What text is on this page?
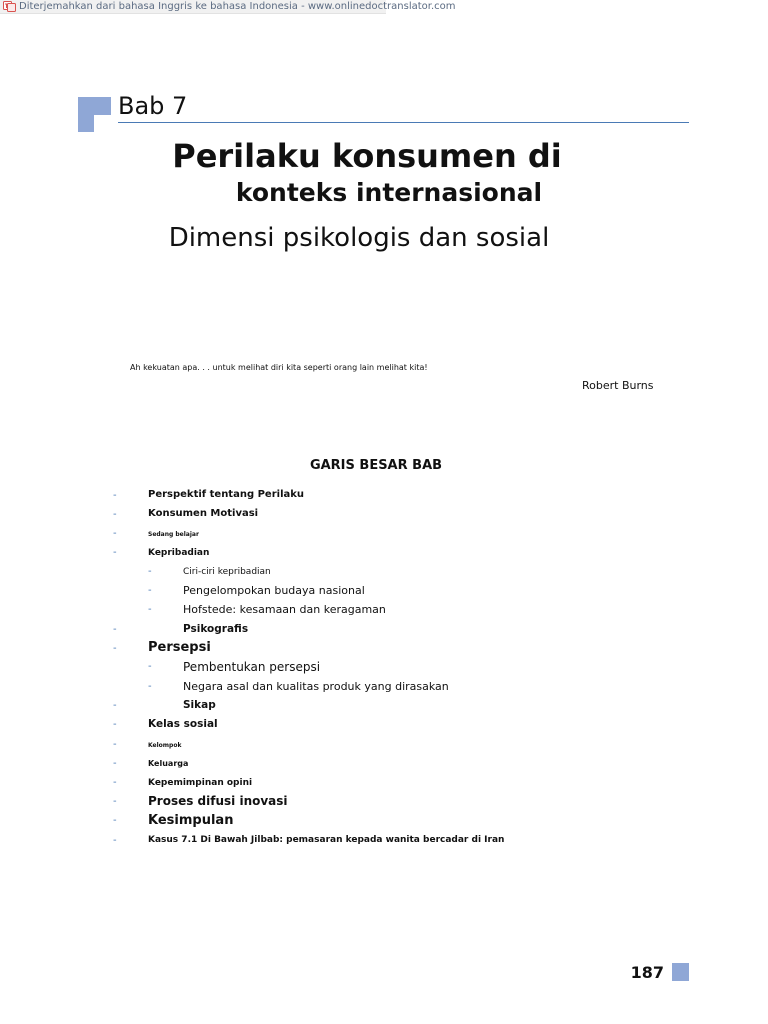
Diterjemahkan dari bahasa Inggris ke bahasa Indonesia - www.onlinedoctranslator.com
Bab 7
Perilaku konsumen di
konteks internasional
Dimensi psikologis dan sosial
Ah kekuatan apa. . . untuk melihat diri kita seperti orang lain melihat kita!
Robert Burns
GARIS BESAR BAB
-	Perspektif tentang Perilaku
-	Konsumen Motivasi
-	Sedang belajar
-	Kepribadian
-	Ciri-ciri kepribadian
-	Pengelompokan budaya nasional
-	Hofstede: kesamaan dan keragaman
-	Psikografis
- Persepsi
-	Pembentukan persepsi
-	Negara asal dan kualitas produk yang dirasakan
-	Sikap
-	Kelas sosial
-	Kelompok
-	Keluarga
-	Kepemimpinan opini
-	Proses difusi inovasi
- Kesimpulan
-	Kasus 7.1 Di Bawah Jilbab: pemasaran kepada wanita bercadar di Iran
187
